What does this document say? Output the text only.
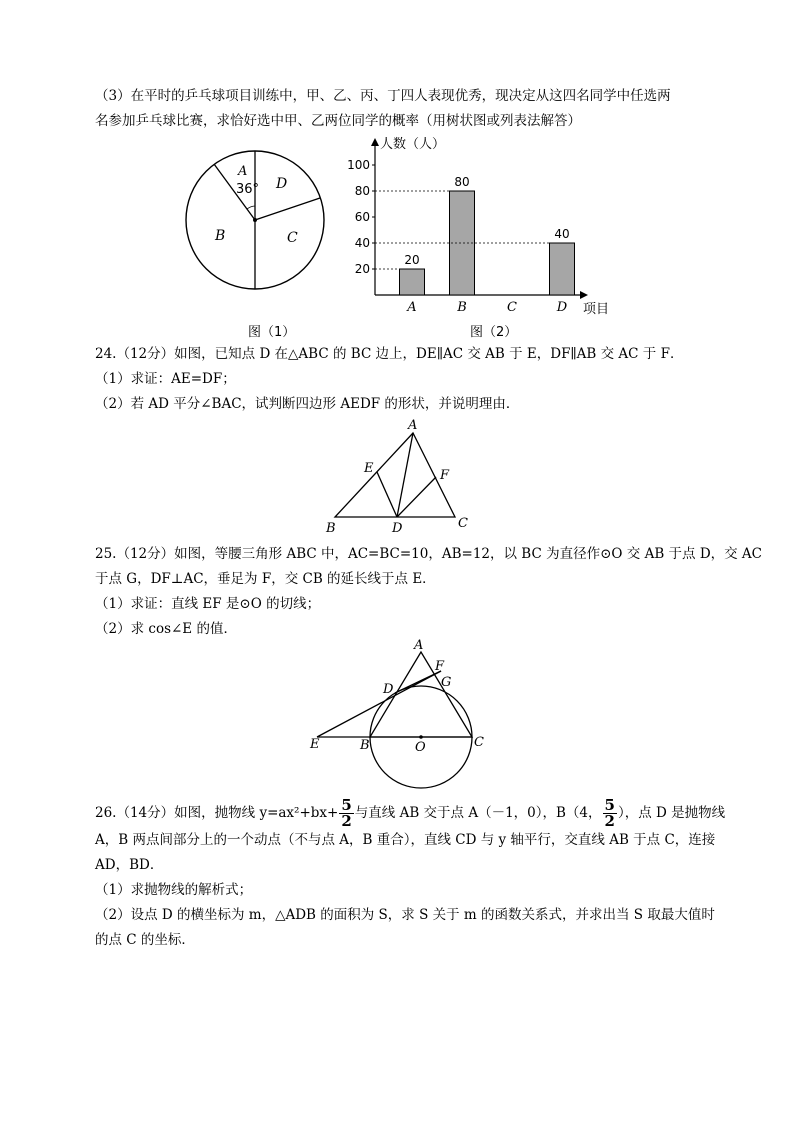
（3）在平时的乒乓球项目训练中，甲、乙、丙、丁四人表现优秀，现决定从这四名同学中任选两
名参加乒乓球比赛，求恰好选中甲、乙两位同学的概率（用树状图或列表法解答）
A
36° D
B	C
图（1）
人数（人）
项目
20
40
60
80
100
20
A
80
B	C
40
D
图（2）
24.（12分）如图，已知点 D 在△ABC 的 BC 边上，DE∥AC 交 AB 于 E，DF∥AB 交 AC 于 F．
（1）求证：AE=DF；
（2）若 AD 平分∠BAC，试判断四边形 AEDF 的形状，并说明理由．
A
E	F
B	D	C
25.（12分）如图，等腰三角形 ABC 中，AC=BC=10，AB=12，以 BC 为直径作⊙O 交 AB 于点 D，交 AC
于点 G，DF⊥AC，垂足为 F，交 CB 的延长线于点 E．
（1）求证：直线 EF 是⊙O 的切线；
（2）求 cos∠E 的值．
A
F
G
D
E	B	O	C
26.（14分）如图，抛物线 $y=ax^2+bx+ \frac{5}{2}$ 与直线 AB 交于点 A（－1，0），B（4， $\frac{5}{2}$ ），点 D 是抛物线
A，B 两点间部分上的一个动点（不与点 A，B 重合），直线 CD 与 y 轴平行，交直线 AB 于点 C，连接
AD，BD．
（1）求抛物线的解析式；
（2）设点 D 的横坐标为 m，△ADB 的面积为 S，求 S 关于 m 的函数关系式，并求出当 S 取最大值时
的点 C 的坐标．
